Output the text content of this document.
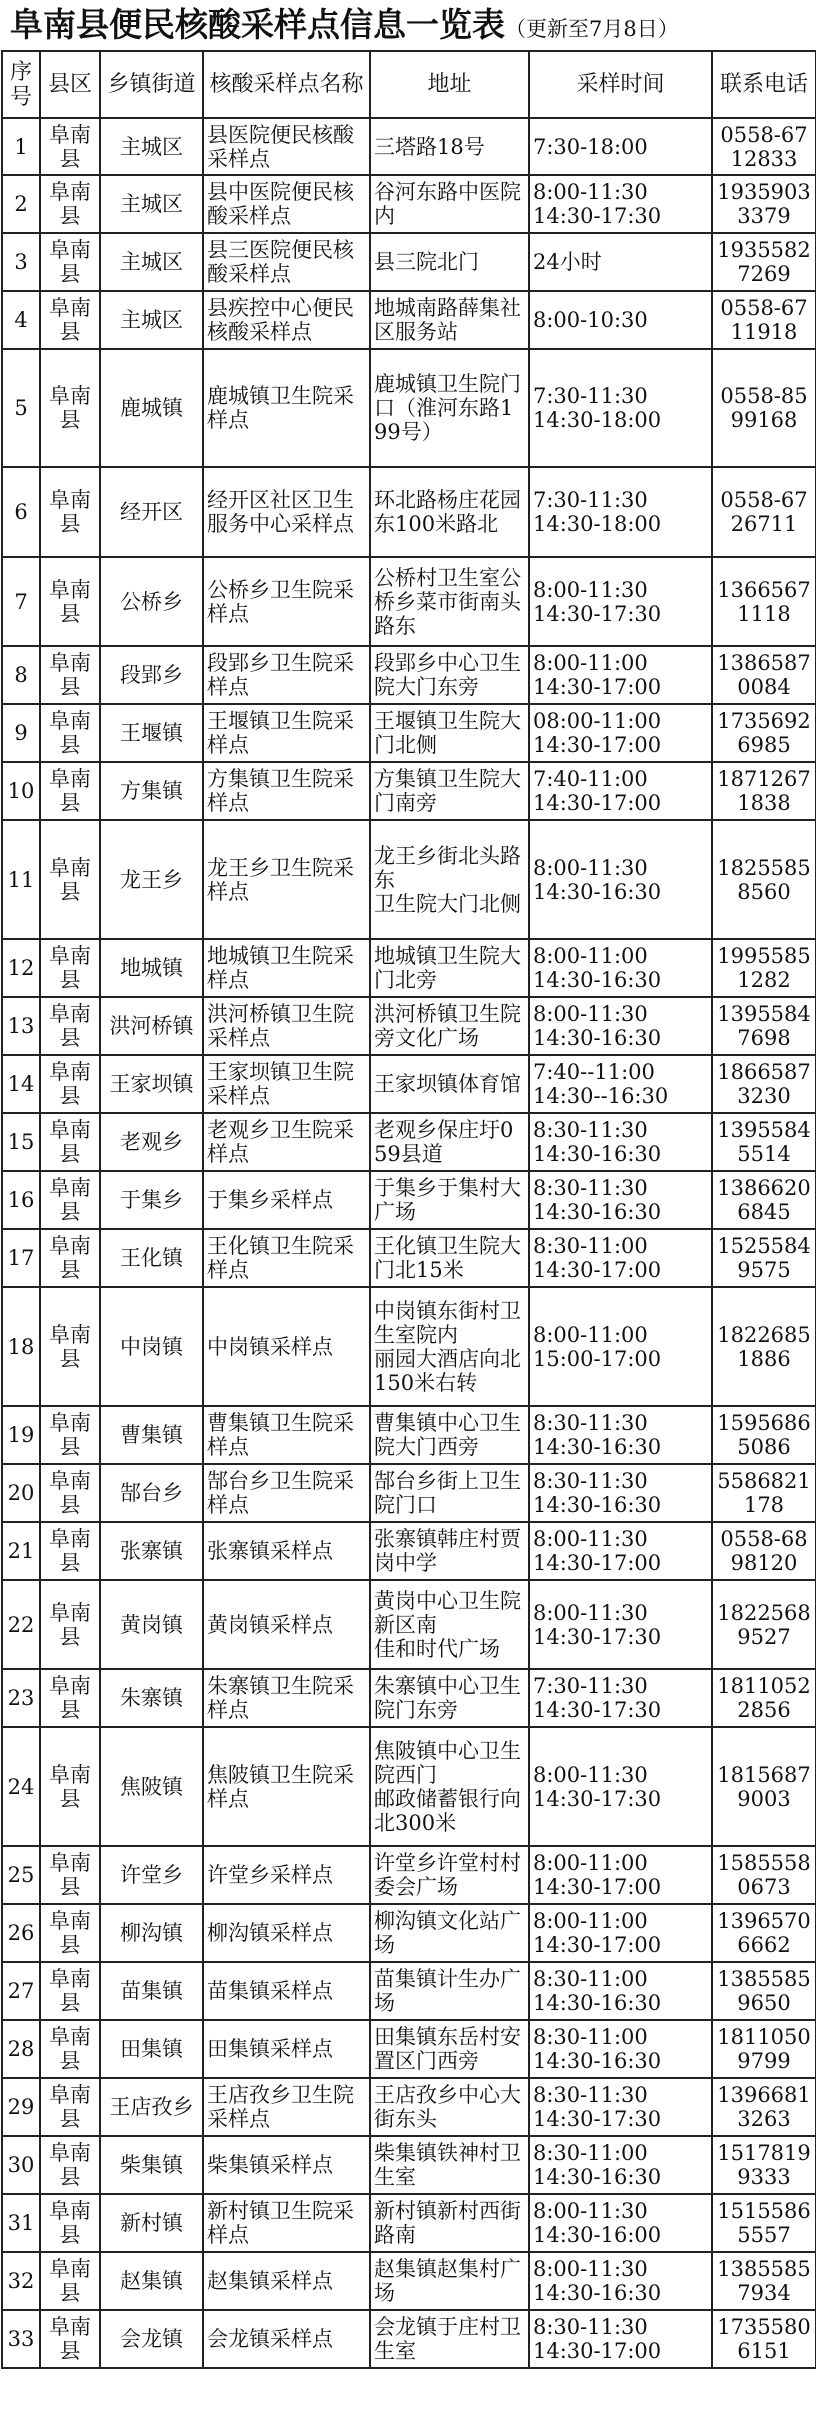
阜南县便民核酸采样点信息一览表（更新至7月8日）
序号	县区	乡镇街道	核酸采样点名称	地址	采样时间	联系电话
1	阜南县	主城区	县医院便民核酸采样点	三塔路18号	7:30-18:00	0558-6712833
2	阜南县	主城区	县中医院便民核酸采样点	谷河东路中医院内	8:00-11:30
14:30-17:30	19359033379
3	阜南县	主城区	县三医院便民核酸采样点	县三院北门	24小时	19355827269
4	阜南县	主城区	县疾控中心便民核酸采样点	地城南路薛集社区服务站	8:00-10:30	0558-6711918
5	阜南县	鹿城镇	鹿城镇卫生院采样点	鹿城镇卫生院门口（淮河东路199号）	7:30-11:30
14:30-18:00	0558-8599168
6	阜南县	经开区	经开区社区卫生服务中心采样点	环北路杨庄花园东100米路北	7:30-11:30
14:30-18:00	0558-6726711
7	阜南县	公桥乡	公桥乡卫生院采样点	公桥村卫生室公桥乡菜市街南头路东	8:00-11:30
14:30-17:30	13665671118
8	阜南县	段郢乡	段郢乡卫生院采样点	段郢乡中心卫生院大门东旁	8:00-11:00
14:30-17:00	13865870084
9	阜南县	王堰镇	王堰镇卫生院采样点	王堰镇卫生院大门北侧	08:00-11:00
14:30-17:00	17356926985
10	阜南县	方集镇	方集镇卫生院采样点	方集镇卫生院大门南旁	7:40-11:00
14:30-17:00	18712671838
11	阜南县	龙王乡	龙王乡卫生院采样点	龙王乡街北头路东
卫生院大门北侧	8:00-11:30
14:30-16:30	18255858560
12	阜南县	地城镇	地城镇卫生院采样点	地城镇卫生院大门北旁	8:00-11:00
14:30-16:30	19955851282
13	阜南县	洪河桥镇	洪河桥镇卫生院采样点	洪河桥镇卫生院旁文化广场	8:00-11:30
14:30-16:30	13955847698
14	阜南县	王家坝镇	王家坝镇卫生院采样点	王家坝镇体育馆	7:40--11:00
14:30--16:30	18665873230
15	阜南县	老观乡	老观乡卫生院采样点	老观乡保庄圩059县道	8:30-11:30
14:30-16:30	13955845514
16	阜南县	于集乡	于集乡采样点	于集乡于集村大广场	8:30-11:30
14:30-16:30	13866206845
17	阜南县	王化镇	王化镇卫生院采样点	王化镇卫生院大门北15米	8:30-11:00
14:30-17:00	15255849575
18	阜南县	中岗镇	中岗镇采样点	中岗镇东街村卫生室院内
丽园大酒店向北150米右转	8:00-11:00
15:00-17:00	18226851886
19	阜南县	曹集镇	曹集镇卫生院采样点	曹集镇中心卫生院大门西旁	8:30-11:30
14:30-16:30	15956865086
20	阜南县	郜台乡	郜台乡卫生院采样点	郜台乡街上卫生院门口	8:30-11:30
14:30-16:30	5586821178
21	阜南县	张寨镇	张寨镇采样点	张寨镇韩庄村贾岗中学	8:00-11:30
14:30-17:00	0558-6898120
22	阜南县	黄岗镇	黄岗镇采样点	黄岗中心卫生院新区南
佳和时代广场	8:00-11:30
14:30-17:30	18225689527
23	阜南县	朱寨镇	朱寨镇卫生院采样点	朱寨镇中心卫生院门东旁	7:30-11:30
14:30-17:30	18110522856
24	阜南县	焦陂镇	焦陂镇卫生院采样点	焦陂镇中心卫生院西门
邮政储蓄银行向北300米	8:00-11:30
14:30-17:30	18156879003
25	阜南县	许堂乡	许堂乡采样点	许堂乡许堂村村委会广场	8:00-11:00
14:30-17:00	15855580673
26	阜南县	柳沟镇	柳沟镇采样点	柳沟镇文化站广场	8:00-11:00
14:30-17:00	13965706662
27	阜南县	苗集镇	苗集镇采样点	苗集镇计生办广场	8:30-11:00
14:30-16:30	13855859650
28	阜南县	田集镇	田集镇采样点	田集镇东岳村安置区门西旁	8:30-11:00
14:30-16:30	18110509799
29	阜南县	王店孜乡	王店孜乡卫生院采样点	王店孜乡中心大街东头	8:30-11:30
14:30-17:30	13966813263
30	阜南县	柴集镇	柴集镇采样点	柴集镇铁神村卫生室	8:30-11:00
14:30-16:30	15178199333
31	阜南县	新村镇	新村镇卫生院采样点	新村镇新村西街路南	8:00-11:30
14:30-16:00	15155865557
32	阜南县	赵集镇	赵集镇采样点	赵集镇赵集村广场	8:00-11:30
14:30-16:30	13855857934
33	阜南县	会龙镇	会龙镇采样点	会龙镇于庄村卫生室	8:30-11:30
14:30-17:00	17355806151
